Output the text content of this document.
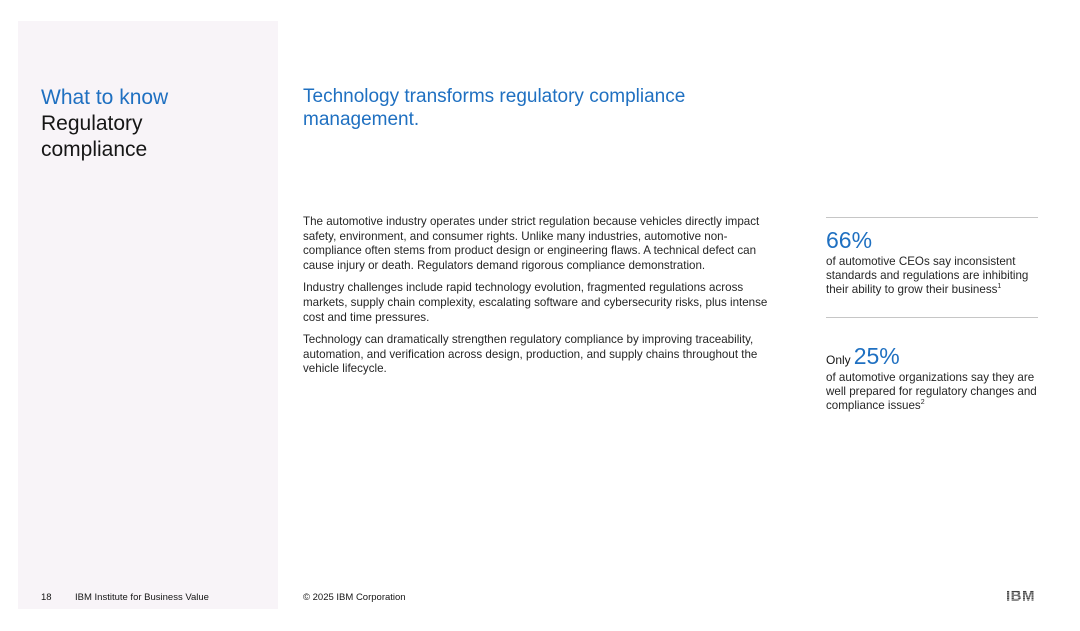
What to know
Regulatory compliance
Technology transforms regulatory compliance management.

The automotive industry operates under strict regulation because vehicles directly impact safety, environment, and consumer rights. Unlike many industries, automotive non-compliance often stems from product design or engineering flaws. A technical defect can cause injury or death. Regulators demand rigorous compliance demonstration.

Industry challenges include rapid technology evolution, fragmented regulations across markets, supply chain complexity, escalating software and cybersecurity risks, plus intense cost and time pressures.

Technology can dramatically strengthen regulatory compliance by improving traceability, automation, and verification across design, production, and supply chains throughout the vehicle lifecycle.

66%
of automotive CEOs say inconsistent standards and regulations are inhibiting their ability to grow their business$^1$
Only 25%
of automotive organizations say they are well prepared for regulatory changes and compliance issues$^2$
18 IBM Institute for Business Value	© 2025 IBM Corporation
